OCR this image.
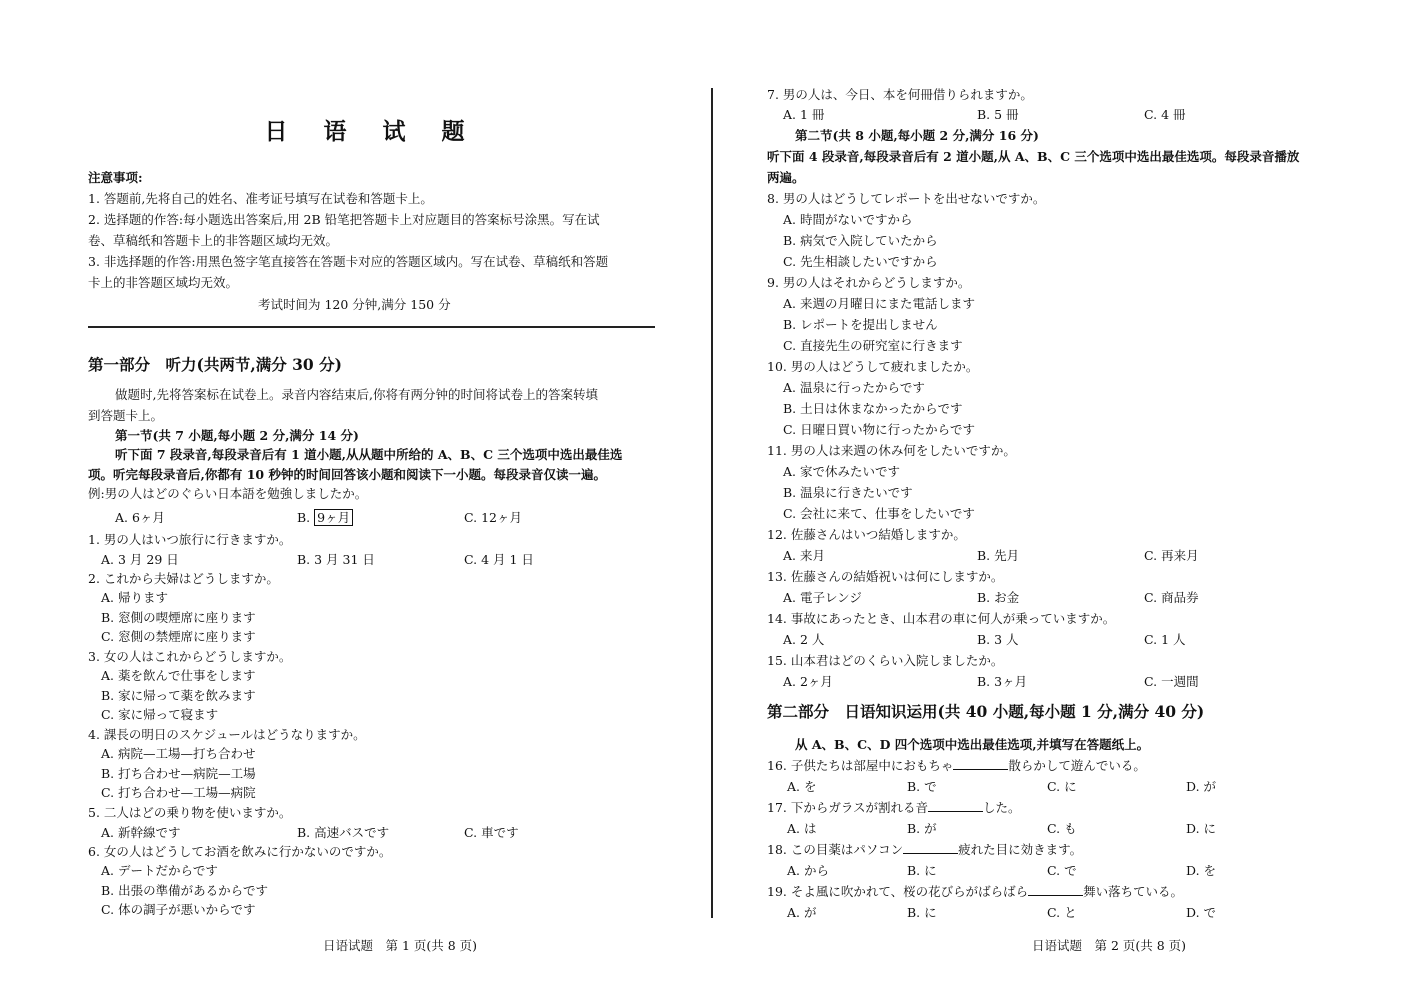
日 语 试 题
注意事项:
1. 答题前,先将自己的姓名、准考证号填写在试卷和答题卡上。
2. 选择题的作答:每小题选出答案后,用 2B 铅笔把答题卡上对应题目的答案标号涂黑。写在试
卷、草稿纸和答题卡上的非答题区域均无效。
3. 非选择题的作答:用黑色签字笔直接答在答题卡对应的答题区域内。写在试卷、草稿纸和答题
卡上的非答题区域均无效。
考试时间为 120 分钟,满分 150 分
第一部分　听力(共两节,满分 30 分)
做题时,先将答案标在试卷上。录音内容结束后,你将有两分钟的时间将试卷上的答案转填
到答题卡上。
第一节(共 7 小题,每小题 2 分,满分 14 分)
听下面 7 段录音,每段录音后有 1 道小题,从从题中所给的 A、B、C 三个选项中选出最佳选
项。听完每段录音后,你都有 10 秒钟的时间回答该小题和阅读下一小题。每段录音仅读一遍。
例:男の人はどのぐらい日本語を勉強しましたか。
A. 6ヶ月	B. 9ヶ月	C. 12ヶ月
1. 男の人はいつ旅行に行きますか。
A. 3 月 29 日	B. 3 月 31 日	C. 4 月 1 日
2. これから夫婦はどうしますか。
A. 帰ります
B. 窓側の喫煙席に座ります
C. 窓側の禁煙席に座ります
3. 女の人はこれからどうしますか。
A. 薬を飲んで仕事をします
B. 家に帰って薬を飲みます
C. 家に帰って寝ます
4. 課長の明日のスケジュールはどうなりますか。
A. 病院—工場—打ち合わせ
B. 打ち合わせ—病院—工場
C. 打ち合わせ—工場—病院
5. 二人はどの乗り物を使いますか。
A. 新幹線です	B. 高速バスです	C. 車です
6. 女の人はどうしてお酒を飲みに行かないのですか。
A. デートだからです
B. 出張の準備があるからです
C. 体の調子が悪いからです
日语试题　第 1 页(共 8 页)
7. 男の人は、今日、本を何冊借りられますか。
A. 1 冊	B. 5 冊	C. 4 冊
第二节(共 8 小题,每小题 2 分,满分 16 分)
听下面 4 段录音,每段录音后有 2 道小题,从 A、B、C 三个选项中选出最佳选项。每段录音播放
两遍。
8. 男の人はどうしてレポートを出せないですか。
A. 時間がないですから
B. 病気で入院していたから
C. 先生相談したいですから
9. 男の人はそれからどうしますか。
A. 来週の月曜日にまた電話します
B. レポートを提出しません
C. 直接先生の研究室に行きます
10. 男の人はどうして疲れましたか。
A. 温泉に行ったからです
B. 土日は休まなかったからです
C. 日曜日買い物に行ったからです
11. 男の人は来週の休み何をしたいですか。
A. 家で休みたいです
B. 温泉に行きたいです
C. 会社に来て、仕事をしたいです
12. 佐藤さんはいつ結婚しますか。
A. 来月	B. 先月	C. 再来月
13. 佐藤さんの結婚祝いは何にしますか。
A. 電子レンジ	B. お金	C. 商品券
14. 事故にあったとき、山本君の車に何人が乗っていますか。
A. 2 人	B. 3 人	C. 1 人
15. 山本君はどのくらい入院しましたか。
A. 2ヶ月	B. 3ヶ月	C. 一週間
第二部分　日语知识运用(共 40 小题,每小题 1 分,满分 40 分)
从 A、B、C、D 四个选项中选出最佳选项,并填写在答题纸上。
16. 子供たちは部屋中におもちゃ	散らかして遊んでいる。
A. を	B. で	C. に	D. が
17. 下からガラスが割れる音	した。
A. は	B. が	C. も	D. に
18. この目薬はパソコン	疲れた目に効きます。
A. から	B. に	C. で	D. を
19. そよ風に吹かれて、桜の花びらがばらばら	舞い落ちている。
A. が	B. に	C. と	D. で
日语试题　第 2 页(共 8 页)
